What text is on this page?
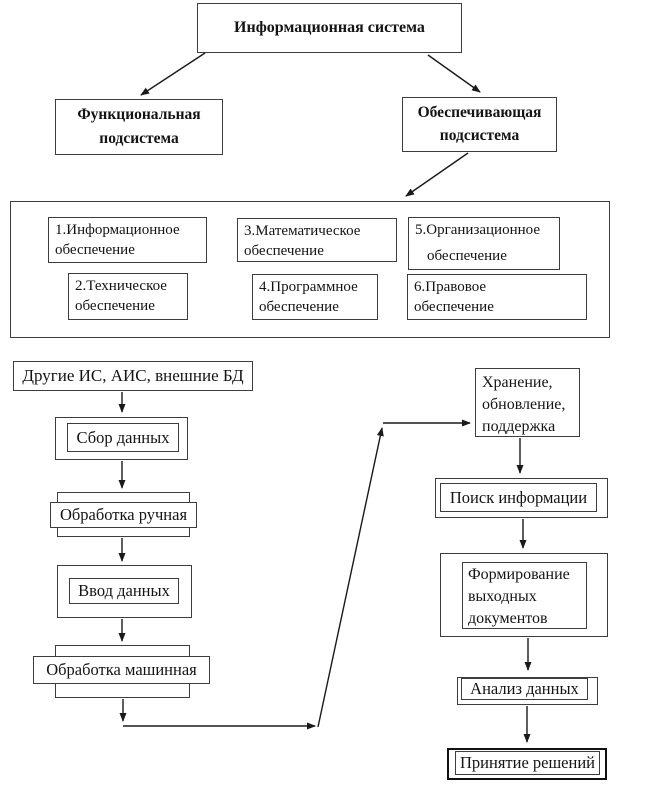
Информационная система
Функциональная
подсистема
Обеспечивающая
подсистема
1.Информационное
обеспечение
3.Математическое
обеспечение
5.Организационное
обеспечение
2.Техническое
обеспечение
4.Программное
обеспечение
6.Правовое
обеспечение
Другие ИС, АИС, внешние БД
Сбор данных
Обработка ручная
Ввод данных
Обработка машинная
Хранение,
обновление,
поддержка
Поиск информации
Формирование
выходных
документов
Анализ данных
Принятие решений
